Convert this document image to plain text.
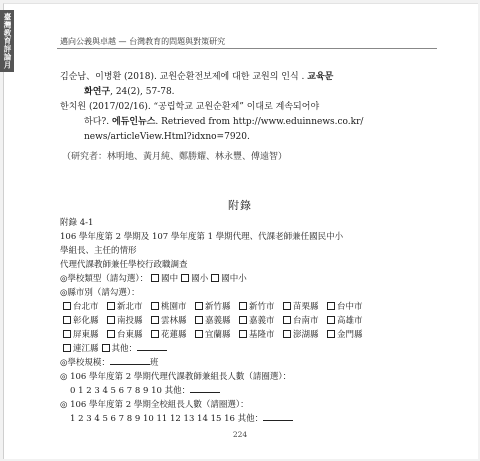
臺灣教育評論月
邁向公義與卓越 — 台灣教育的問題與對策研究
김순남、이병환 (2018). 교원순환전보제에 대한 교원의 인식 . 교육문
화연구, 24(2), 57-78.
한치원 (2017/02/16). “공립학교 교원순환제” 이대로 계속되어야
하다?. 에듀인뉴스. Retrieved from http://www.eduinnews.co.kr/
news/articleView.Html?idxno=7920.
（研究者：林明地、黃月純、鄭勝耀、林永豐、傅遠智）
附錄
附錄 4-1
106 學年度第 2 學期及 107 學年度第 1 學期代理、代課老師兼任國民中小
學組長、主任的情形
代理代課教師兼任學校行政職調查
◎學校類型（請勾選）： 國中 國小 國中小
◎縣市別（請勾選）：
台北市 新北市 桃園市 新竹縣 新竹市 苗栗縣 台中市
彰化縣 南投縣 雲林縣 嘉義縣 嘉義市 台南市 高雄市
屏東縣 台東縣 花蓮縣 宜蘭縣 基隆市 澎湖縣 金門縣
連江縣 其他：
◎學校規模：	班
◎ 106 學年度第 2 學期代理代課教師兼組長人數（請圈選）：
0 1 2 3 4 5 6 7 8 9 10 其他：
◎ 106 學年度第 2 學期全校組長人數（請圈選）：
1 2 3 4 5 6 7 8 9 10 11 12 13 14 15 16 其他：
224
